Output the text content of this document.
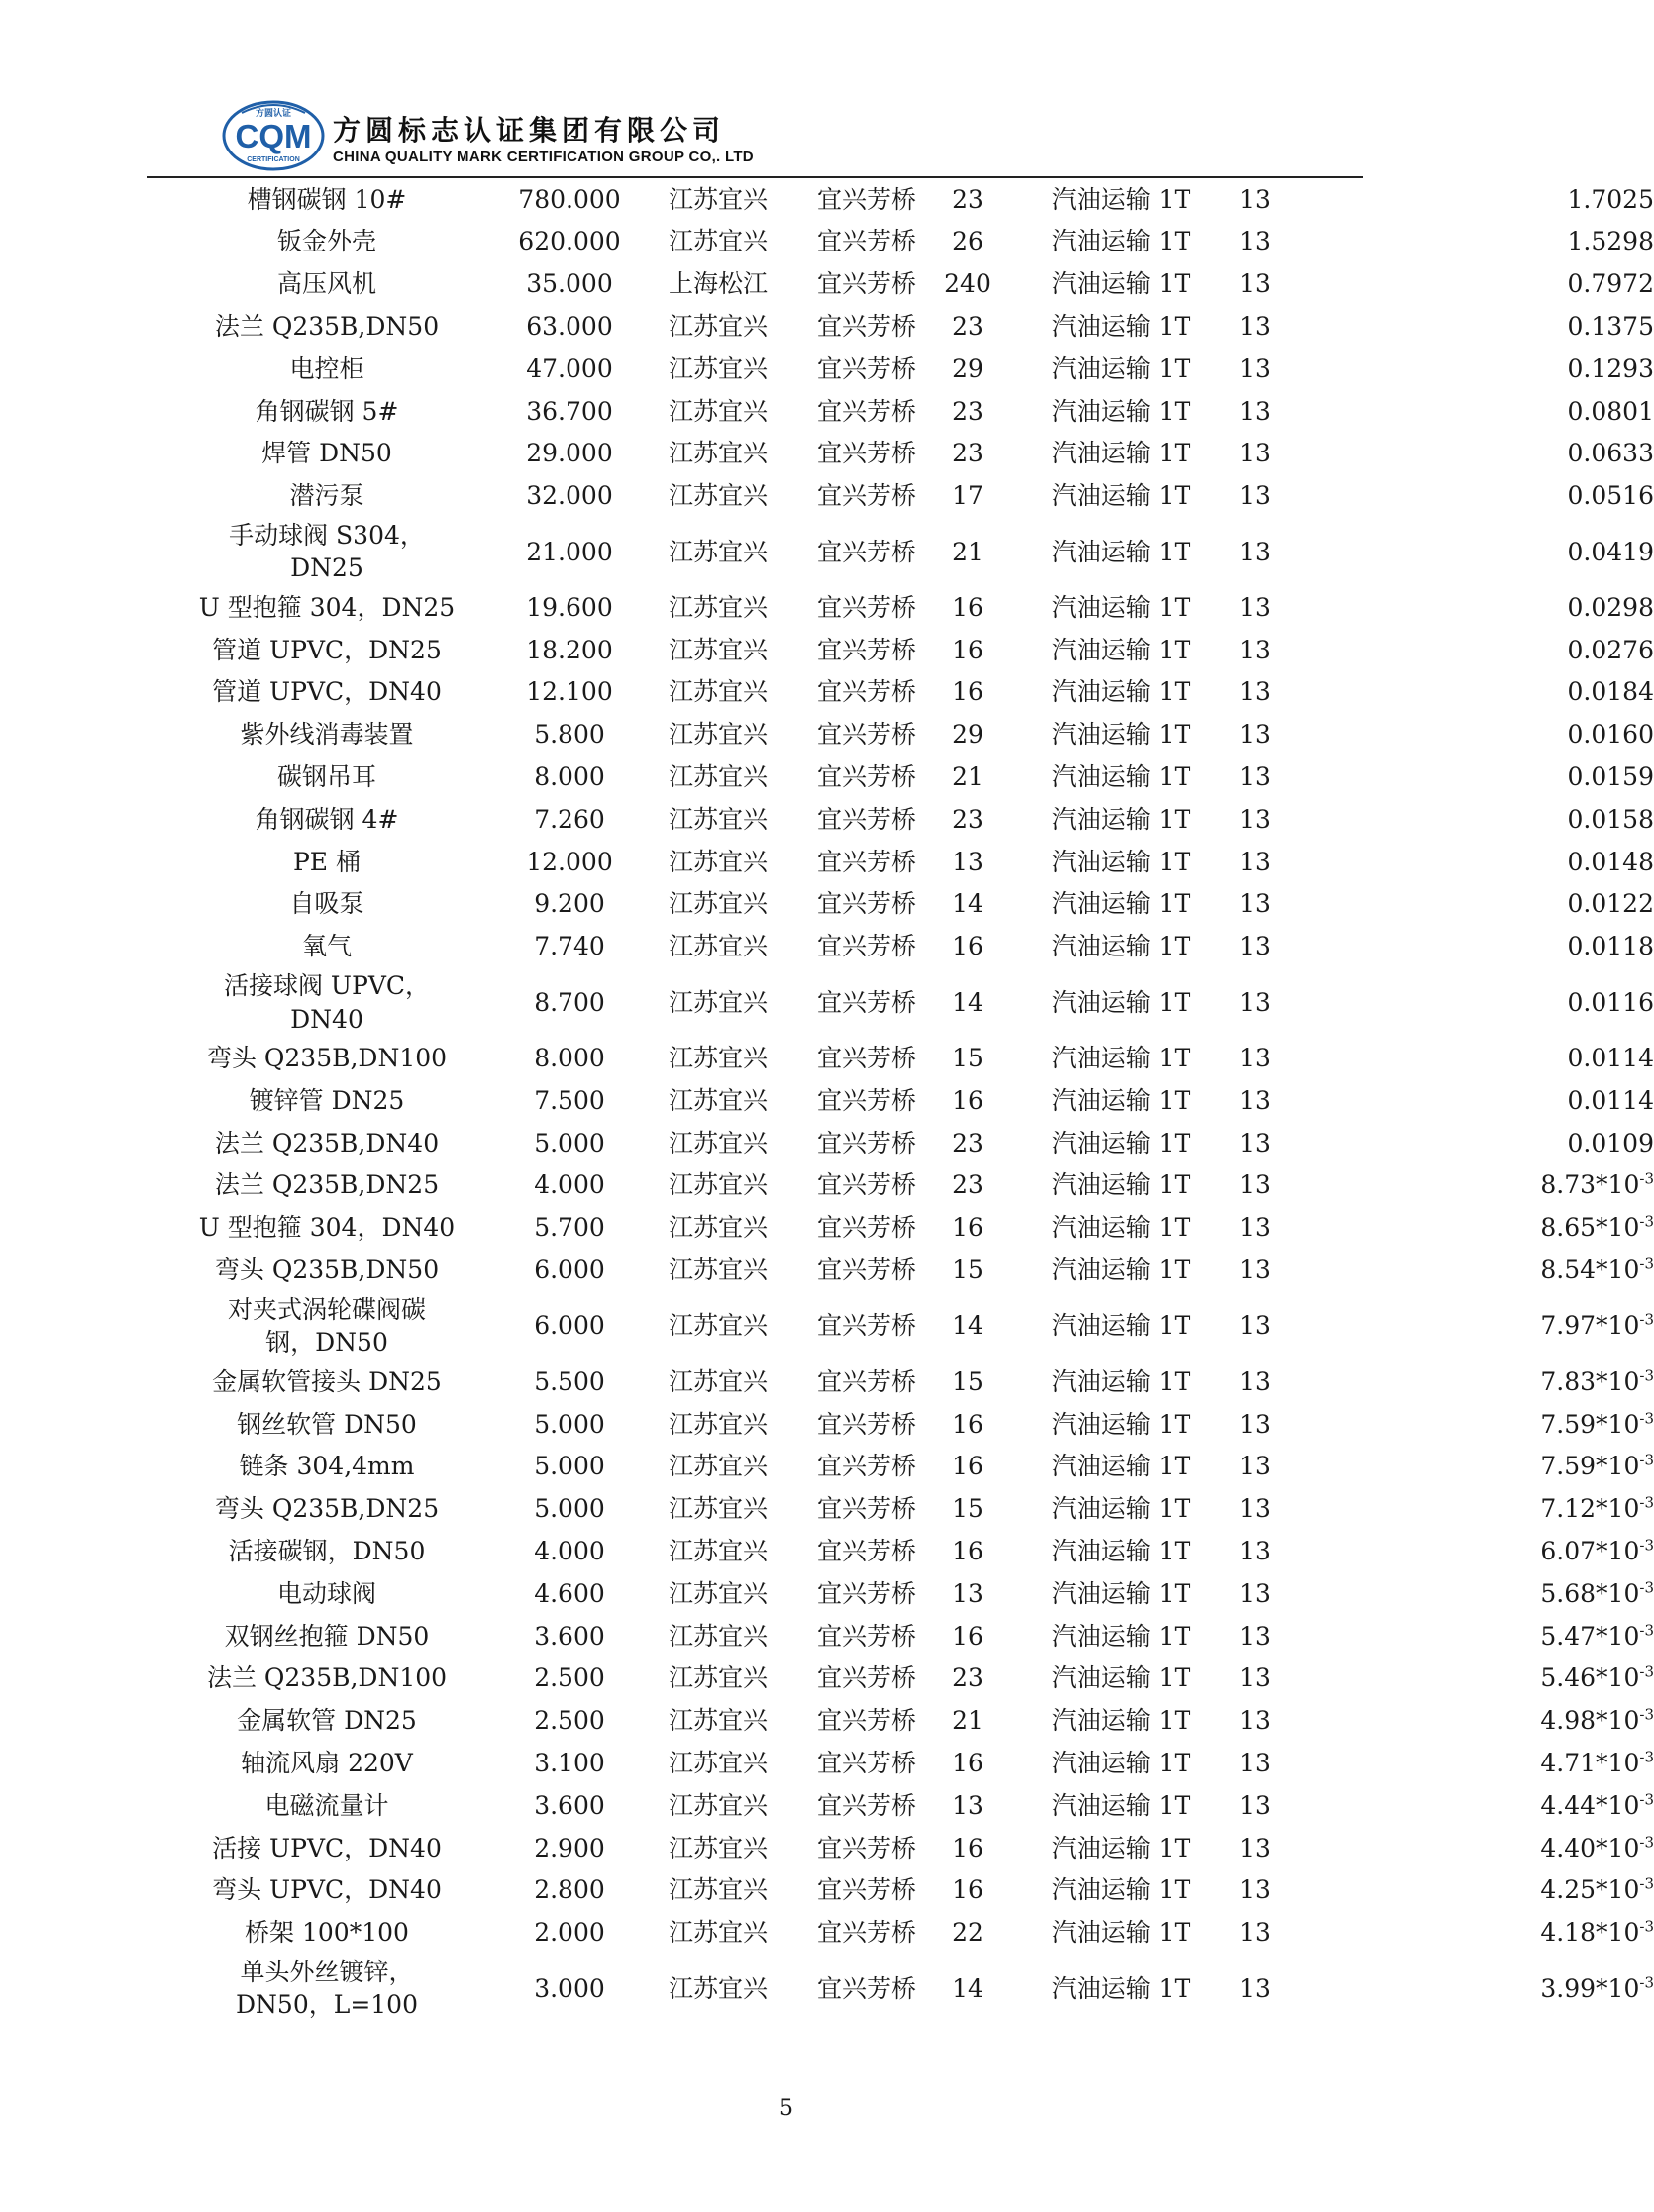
方圆认证
CQM
CERTIFICATION
方圆标志认证集团有限公司
CHINA QUALITY MARK CERTIFICATION GROUP CO,. LTD
槽钢碳钢 10#	780.000	江苏宜兴	宜兴芳桥	23	汽油运输 1T	13	1.7025
钣金外壳	620.000	江苏宜兴	宜兴芳桥	26	汽油运输 1T	13	1.5298
高压风机	35.000	上海松江	宜兴芳桥	240	汽油运输 1T	13	0.7972
法兰 Q235B,DN50	63.000	江苏宜兴	宜兴芳桥	23	汽油运输 1T	13	0.1375
电控柜	47.000	江苏宜兴	宜兴芳桥	29	汽油运输 1T	13	0.1293
角钢碳钢 5#	36.700	江苏宜兴	宜兴芳桥	23	汽油运输 1T	13	0.0801
焊管 DN50	29.000	江苏宜兴	宜兴芳桥	23	汽油运输 1T	13	0.0633
潜污泵	32.000	江苏宜兴	宜兴芳桥	17	汽油运输 1T	13	0.0516
手动球阀 S304，
DN25
21.000	江苏宜兴	宜兴芳桥	21	汽油运输 1T	13	0.0419
U 型抱箍 304，DN25	19.600	江苏宜兴	宜兴芳桥	16	汽油运输 1T	13	0.0298
管道 UPVC，DN25	18.200	江苏宜兴	宜兴芳桥	16	汽油运输 1T	13	0.0276
管道 UPVC，DN40	12.100	江苏宜兴	宜兴芳桥	16	汽油运输 1T	13	0.0184
紫外线消毒装置	5.800	江苏宜兴	宜兴芳桥	29	汽油运输 1T	13	0.0160
碳钢吊耳	8.000	江苏宜兴	宜兴芳桥	21	汽油运输 1T	13	0.0159
角钢碳钢 4#	7.260	江苏宜兴	宜兴芳桥	23	汽油运输 1T	13	0.0158
PE 桶	12.000	江苏宜兴	宜兴芳桥	13	汽油运输 1T	13	0.0148
自吸泵	9.200	江苏宜兴	宜兴芳桥	14	汽油运输 1T	13	0.0122
氧气	7.740	江苏宜兴	宜兴芳桥	16	汽油运输 1T	13	0.0118
活接球阀 UPVC，
DN40
8.700	江苏宜兴	宜兴芳桥	14	汽油运输 1T	13	0.0116
弯头 Q235B,DN100	8.000	江苏宜兴	宜兴芳桥	15	汽油运输 1T	13	0.0114
镀锌管 DN25	7.500	江苏宜兴	宜兴芳桥	16	汽油运输 1T	13	0.0114
法兰 Q235B,DN40	5.000	江苏宜兴	宜兴芳桥	23	汽油运输 1T	13	0.0109
法兰 Q235B,DN25	4.000	江苏宜兴	宜兴芳桥	23	汽油运输 1T	13	$8.73*10^{-3}$
U 型抱箍 304，DN40	5.700	江苏宜兴	宜兴芳桥	16	汽油运输 1T	13	$8.65*10^{-3}$
弯头 Q235B,DN50	6.000	江苏宜兴	宜兴芳桥	15	汽油运输 1T	13	$8.54*10^{-3}$
对夹式涡轮碟阀碳
钢，DN50
6.000	江苏宜兴	宜兴芳桥	14	汽油运输 1T	13	$7.97*10^{-3}$
金属软管接头 DN25	5.500	江苏宜兴	宜兴芳桥	15	汽油运输 1T	13	$7.83*10^{-3}$
钢丝软管 DN50	5.000	江苏宜兴	宜兴芳桥	16	汽油运输 1T	13	$7.59*10^{-3}$
链条 304,4mm	5.000	江苏宜兴	宜兴芳桥	16	汽油运输 1T	13	$7.59*10^{-3}$
弯头 Q235B,DN25	5.000	江苏宜兴	宜兴芳桥	15	汽油运输 1T	13	$7.12*10^{-3}$
活接碳钢，DN50	4.000	江苏宜兴	宜兴芳桥	16	汽油运输 1T	13	$6.07*10^{-3}$
电动球阀	4.600	江苏宜兴	宜兴芳桥	13	汽油运输 1T	13	$5.68*10^{-3}$
双钢丝抱箍 DN50	3.600	江苏宜兴	宜兴芳桥	16	汽油运输 1T	13	$5.47*10^{-3}$
法兰 Q235B,DN100	2.500	江苏宜兴	宜兴芳桥	23	汽油运输 1T	13	$5.46*10^{-3}$
金属软管 DN25	2.500	江苏宜兴	宜兴芳桥	21	汽油运输 1T	13	$4.98*10^{-3}$
轴流风扇 220V	3.100	江苏宜兴	宜兴芳桥	16	汽油运输 1T	13	$4.71*10^{-3}$
电磁流量计	3.600	江苏宜兴	宜兴芳桥	13	汽油运输 1T	13	$4.44*10^{-3}$
活接 UPVC，DN40	2.900	江苏宜兴	宜兴芳桥	16	汽油运输 1T	13	$4.40*10^{-3}$
弯头 UPVC，DN40	2.800	江苏宜兴	宜兴芳桥	16	汽油运输 1T	13	$4.25*10^{-3}$
桥架 100*100	2.000	江苏宜兴	宜兴芳桥	22	汽油运输 1T	13	$4.18*10^{-3}$
单头外丝镀锌，
DN50，L=100
3.000	江苏宜兴	宜兴芳桥	14	汽油运输 1T	13	$3.99*10^{-3}$
5
